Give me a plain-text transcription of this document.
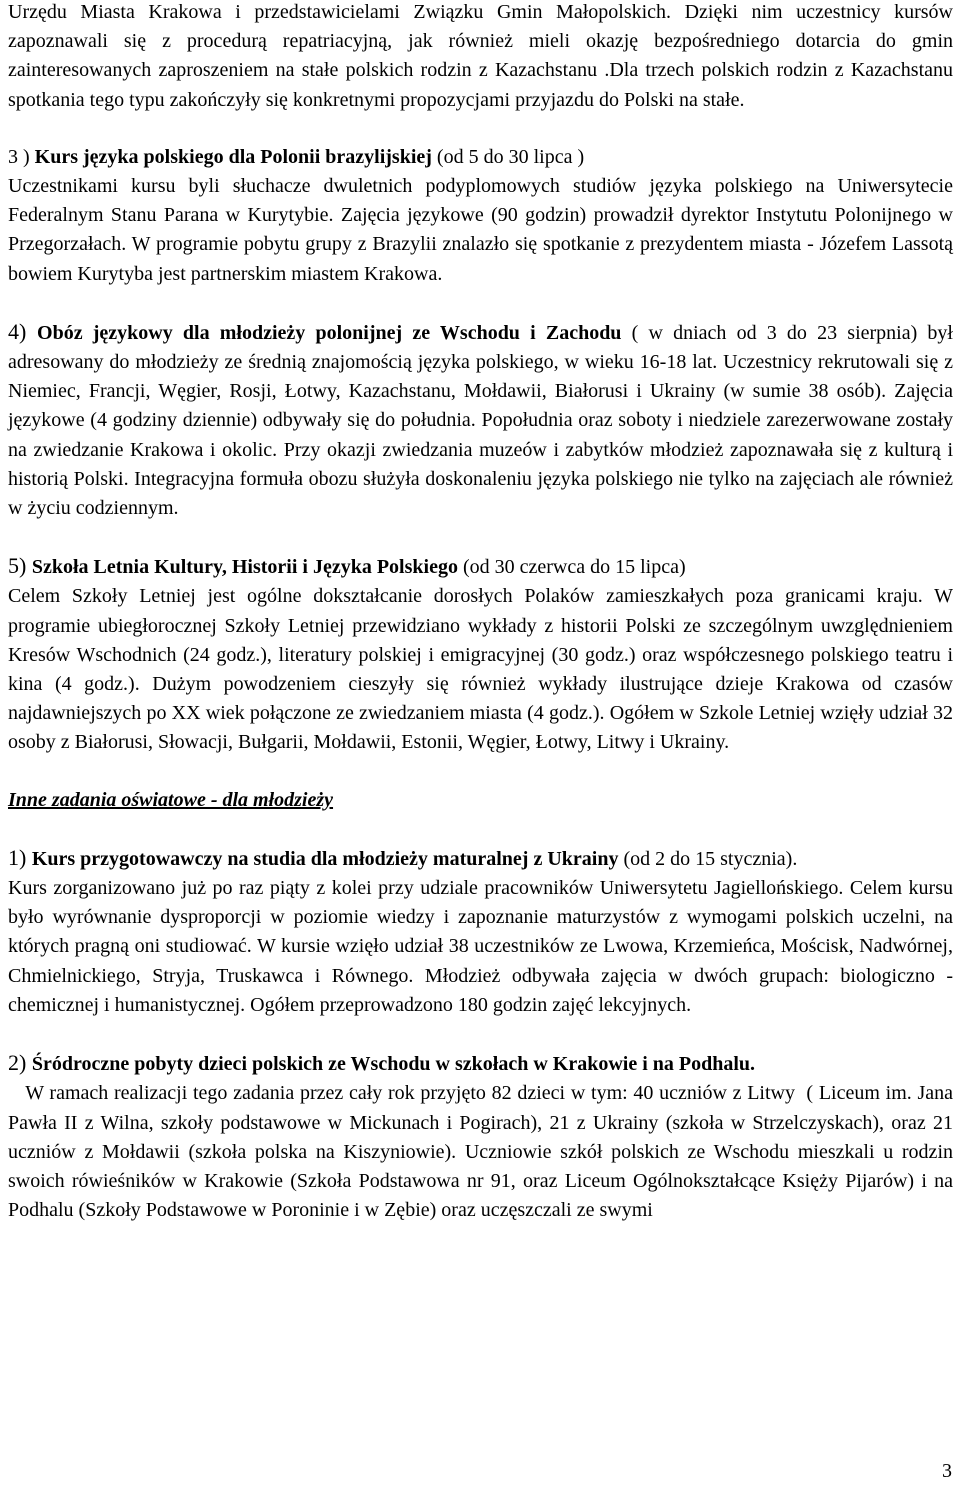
Urzędu Miasta Krakowa i przedstawicielami Związku Gmin Małopolskich. Dzięki nim uczestnicy kursów zapoznawali się z procedurą repatriacyjną, jak również mieli okazję bezpośredniego dotarcia do gmin zainteresowanych zaproszeniem na stałe polskich rodzin z Kazachstanu .Dla trzech polskich rodzin z Kazachstanu spotkania tego typu zakończyły się konkretnymi propozycjami przyjazdu do Polski na stałe.

3 ) Kurs języka polskiego dla Polonii brazylijskiej (od 5 do 30 lipca )
Uczestnikami kursu byli słuchacze dwuletnich podyplomowych studiów języka polskiego na Uniwersytecie Federalnym Stanu Parana w Kurytybie. Zajęcia językowe (90 godzin) prowadził dyrektor Instytutu Polonijnego w Przegorzałach. W programie pobytu grupy z Brazylii znalazło się spotkanie z prezydentem miasta - Józefem Lassotą bowiem Kurytyba jest partnerskim miastem Krakowa.

4) Obóz językowy dla młodzieży polonijnej ze Wschodu i Zachodu ( w dniach od 3 do 23 sierpnia) był adresowany do młodzieży ze średnią znajomością języka polskiego, w wieku 16-18 lat. Uczestnicy rekrutowali się z Niemiec, Francji, Węgier, Rosji, Łotwy, Kazachstanu, Mołdawii, Białorusi i Ukrainy (w sumie 38 osób). Zajęcia językowe (4 godziny dziennie) odbywały się do południa. Popołudnia oraz soboty i niedziele zarezerwowane zostały na zwiedzanie Krakowa i okolic. Przy okazji zwiedzania muzeów i zabytków młodzież zapoznawała się z kulturą i historią Polski. Integracyjna formuła obozu służyła doskonaleniu języka polskiego nie tylko na zajęciach ale również w życiu codziennym.

5) Szkoła Letnia Kultury, Historii i Języka Polskiego (od 30 czerwca do 15 lipca)
Celem Szkoły Letniej jest ogólne dokształcanie dorosłych Polaków zamieszkałych poza granicami kraju. W programie ubiegłorocznej Szkoły Letniej przewidziano wykłady z historii Polski ze szczególnym uwzględnieniem Kresów Wschodnich (24 godz.), literatury polskiej i emigracyjnej (30 godz.) oraz współczesnego polskiego teatru i kina (4 godz.). Dużym powodzeniem cieszyły się również wykłady ilustrujące dzieje Krakowa od czasów najdawniejszych po XX wiek połączone ze zwiedzaniem miasta (4 godz.). Ogółem w Szkole Letniej wzięły udział 32 osoby z Białorusi, Słowacji, Bułgarii, Mołdawii, Estonii, Węgier, Łotwy, Litwy i Ukrainy.

Inne zadania oświatowe - dla młodzieży

1) Kurs przygotowawczy na studia dla młodzieży maturalnej z Ukrainy (od 2 do 15 stycznia).

Kurs zorganizowano już po raz piąty z kolei przy udziale pracowników Uniwersytetu Jagiellońskiego. Celem kursu było wyrównanie dysproporcji w poziomie wiedzy i zapoznanie maturzystów z wymogami polskich uczelni, na których pragną oni studiować. W kursie wzięło udział 38 uczestników ze Lwowa, Krzemieńca, Mościsk, Nadwórnej, Chmielnickiego, Stryja, Truskawca i Równego. Młodzież odbywała zajęcia w dwóch grupach: biologiczno - chemicznej i humanistycznej. Ogółem przeprowadzono 180 godzin zajęć lekcyjnych.

2) Śródroczne pobyty dzieci polskich ze Wschodu w szkołach w Krakowie i na Podhalu.

W ramach realizacji tego zadania przez cały rok przyjęto 82 dzieci w tym: 40 uczniów z Litwy  ( Liceum im. Jana Pawła II z Wilna, szkoły podstawowe w Mickunach i Pogirach), 21 z Ukrainy (szkoła w Strzelczyskach), oraz 21 uczniów z Mołdawii (szkoła polska na Kiszyniowie). Uczniowie szkół polskich ze Wschodu mieszkali u rodzin swoich rówieśników w Krakowie (Szkoła Podstawowa nr 91, oraz Liceum Ogólnokształcące Księży Pijarów) i na Podhalu (Szkoły Podstawowe w Poroninie i w Zębie) oraz uczęszczali ze swymi

3
